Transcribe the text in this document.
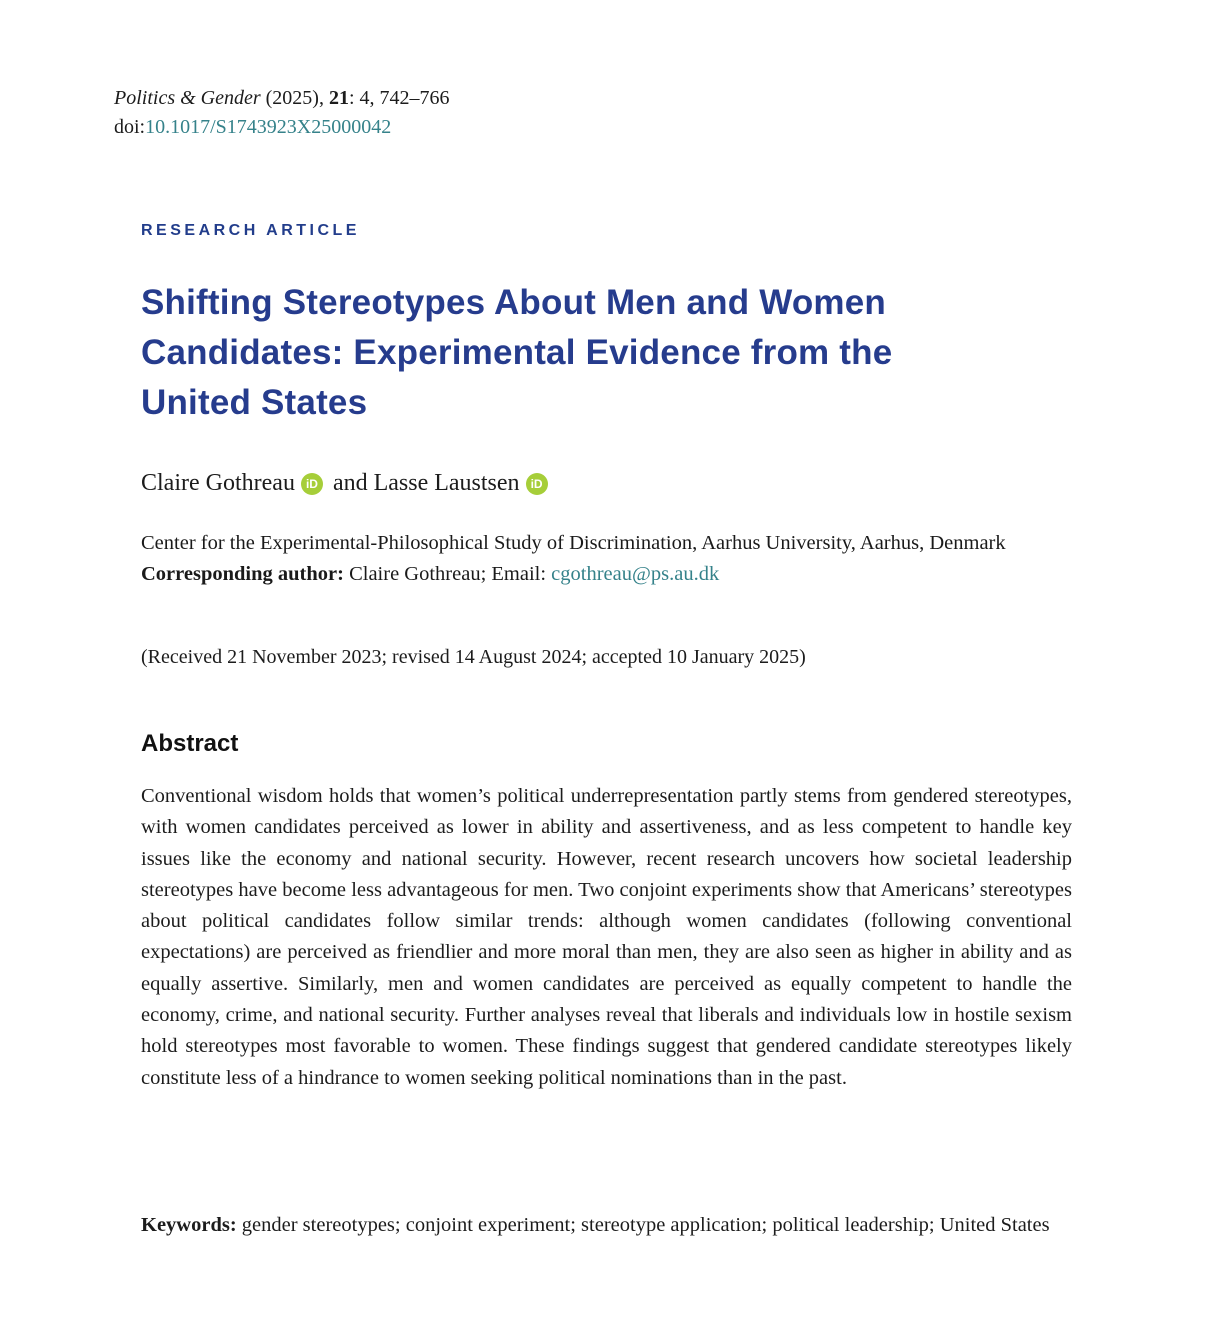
Politics & Gender (2025), 21: 4, 742–766
doi:10.1017/S1743923X25000042
RESEARCH ARTICLE
Shifting Stereotypes About Men and Women Candidates: Experimental Evidence from the United States
Claire Gothreau iD and Lasse Laustsen iD
Center for the Experimental-Philosophical Study of Discrimination, Aarhus University, Aarhus, Denmark
Corresponding author: Claire Gothreau; Email: cgothreau@ps.au.dk
(Received 21 November 2023; revised 14 August 2024; accepted 10 January 2025)
Abstract
Conventional wisdom holds that women’s political underrepresentation partly stems from gendered stereotypes, with women candidates perceived as lower in ability and assertiveness, and as less competent to handle key issues like the economy and national security. However, recent research uncovers how societal leadership stereotypes have become less advantageous for men. Two conjoint experiments show that Americans’ stereotypes about political candidates follow similar trends: although women candidates (following conventional expectations) are perceived as friendlier and more moral than men, they are also seen as higher in ability and as equally assertive. Similarly, men and women candidates are perceived as equally competent to handle the economy, crime, and national security. Further analyses reveal that liberals and individuals low in hostile sexism hold stereotypes most favorable to women. These findings suggest that gendered candidate stereotypes likely constitute less of a hindrance to women seeking political nominations than in the past.
Keywords: gender stereotypes; conjoint experiment; stereotype application; political leadership; United States
